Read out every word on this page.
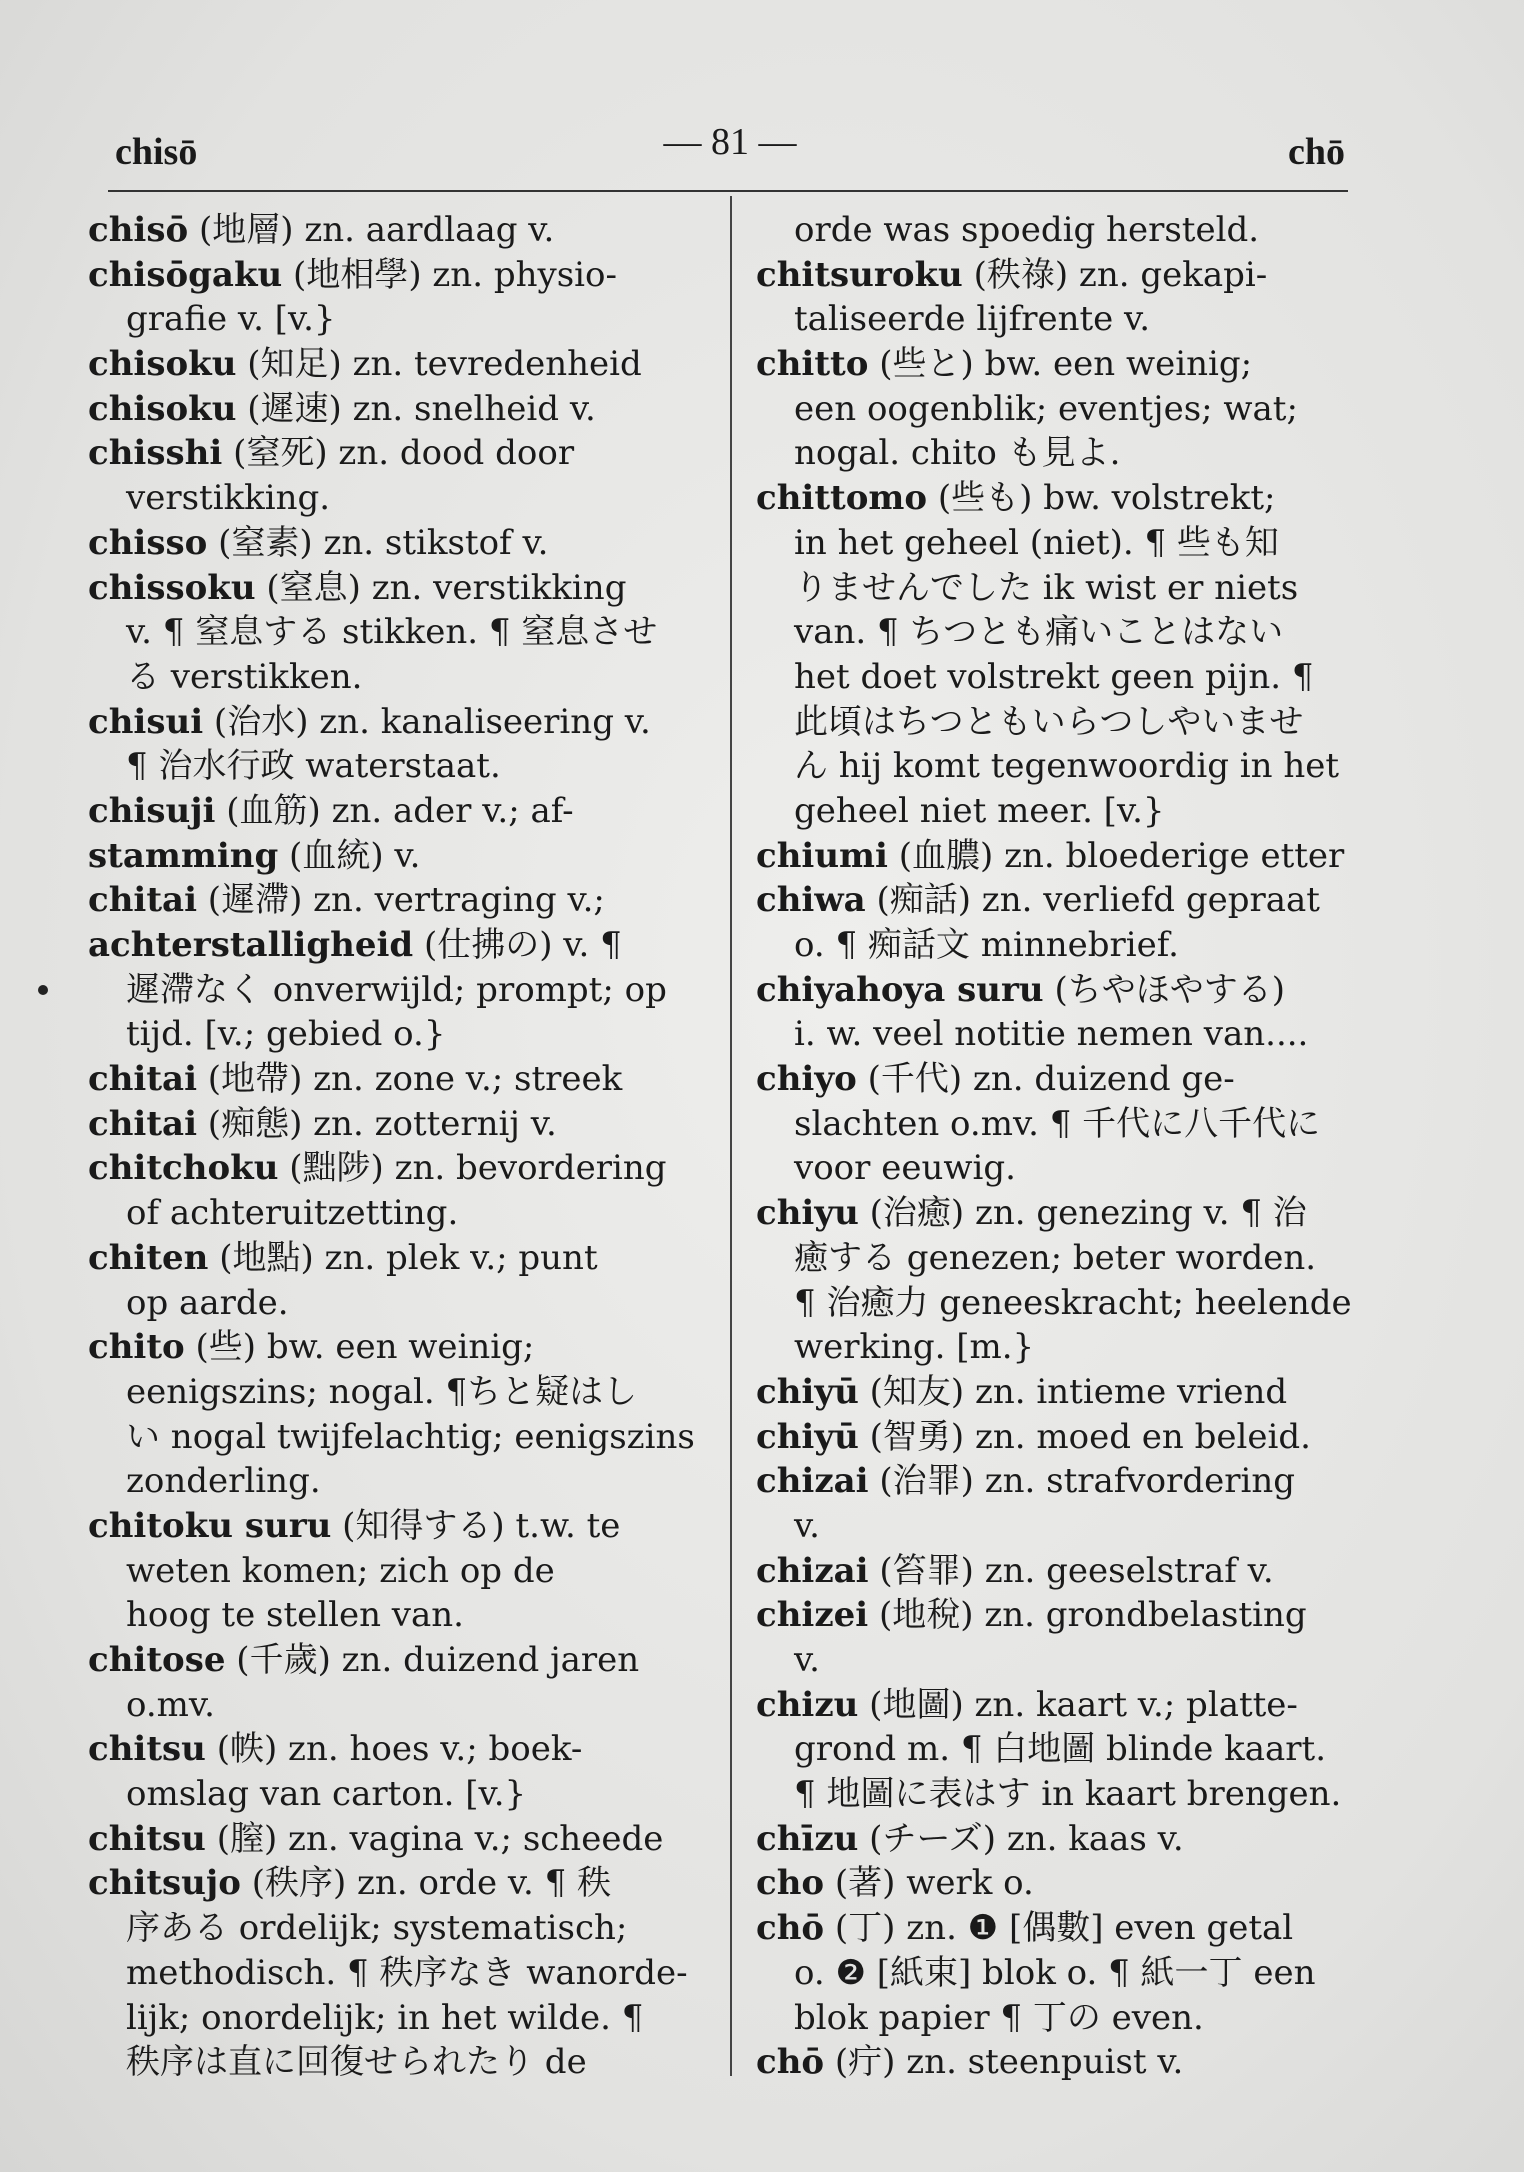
chisō	— 81 —	chō
chisō (地層) zn. aardlaag v.
chisōgaku (地相學) zn. physio-
grafie v. [v.}
chisoku (知足) zn. tevredenheid
chisoku (遲速) zn. snelheid v.
chisshi (窒死) zn. dood door
verstikking.
chisso (窒素) zn. stikstof v.
chissoku (窒息) zn. verstikking
v. ¶ 窒息する stikken. ¶ 窒息させ
る verstikken.
chisui (治水) zn. kanaliseering v.
¶ 治水行政 waterstaat.
chisuji (血筋) zn. ader v.; af-
stamming (血統) v.
chitai (遲滯) zn. vertraging v.;
achterstalligheid (仕拂の) v. ¶
遲滯なく onverwijld; prompt; op
tijd. [v.; gebied o.}
chitai (地帶) zn. zone v.; streek
chitai (痴態) zn. zotternij v.
chitchoku (黜陟) zn. bevordering
of achteruitzetting.
chiten (地點) zn. plek v.; punt
op aarde.
chito (些) bw. een weinig;
eenigszins; nogal. ¶ちと疑はし
い nogal twijfelachtig; eenigszins
zonderling.
chitoku suru (知得する) t.w. te
weten komen; zich op de
hoog te stellen van.
chitose (千歲) zn. duizend jaren
o.mv.
chitsu (帙) zn. hoes v.; boek-
omslag van carton. [v.}
chitsu (膣) zn. vagina v.; scheede
chitsujo (秩序) zn. orde v. ¶ 秩
序ある ordelijk; systematisch;
methodisch. ¶ 秩序なき wanorde-
lijk; onordelijk; in het wilde. ¶
秩序は直に回復せられたり de
orde was spoedig hersteld.
chitsuroku (秩祿) zn. gekapi-
taliseerde lijfrente v.
chitto (些と) bw. een weinig;
een oogenblik; eventjes; wat;
nogal. chito も見よ.
chittomo (些も) bw. volstrekt;
in het geheel (niet). ¶ 些も知
りませんでした ik wist er niets
van. ¶ ちつとも痛いことはない
het doet volstrekt geen pijn. ¶
此頃はちつともいらつしやいませ
ん hij komt tegenwoordig in het
geheel niet meer. [v.}
chiumi (血膿) zn. bloederige etter
chiwa (痴話) zn. verliefd gepraat
o. ¶ 痴話文 minnebrief.
chiyahoya suru (ちやほやする)
i. w. veel notitie nemen van....
chiyo (千代) zn. duizend ge-
slachten o.mv. ¶ 千代に八千代に
voor eeuwig.
chiyu (治癒) zn. genezing v. ¶ 治
癒する genezen; beter worden.
¶ 治癒力 geneeskracht; heelende
werking. [m.}
chiyū (知友) zn. intieme vriend
chiyū (智勇) zn. moed en beleid.
chizai (治罪) zn. strafvordering
v.
chizai (笞罪) zn. geeselstraf v.
chizei (地稅) zn. grondbelasting
v.
chizu (地圖) zn. kaart v.; platte-
grond m. ¶ 白地圖 blinde kaart.
¶ 地圖に表はす in kaart brengen.
chīzu (チーズ) zn. kaas v.
cho (著) werk o.
chō (丁) zn. ❶ [偶數] even getal
o. ❷ [紙束] blok o. ¶ 紙一丁 een
blok papier ¶ 丁の even.
chō (疔) zn. steenpuist v.
